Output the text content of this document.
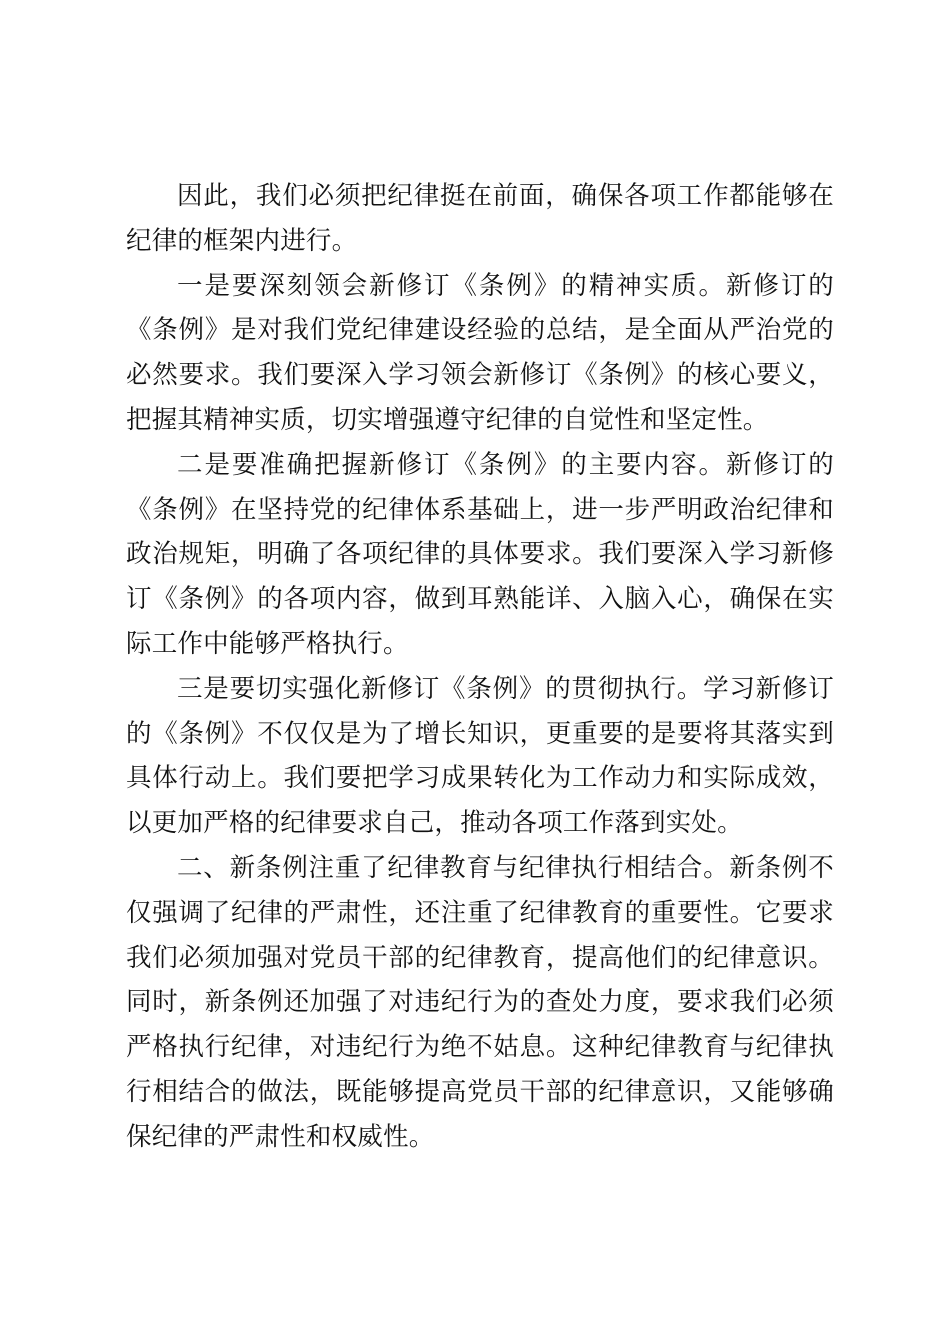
因此，我们必须把纪律挺在前面，确保各项工作都能够在纪律的框架内进行。

一是要深刻领会新修订《条例》的精神实质。新修订的《条例》是对我们党纪律建设经验的总结，是全面从严治党的必然要求。我们要深入学习领会新修订《条例》的核心要义，把握其精神实质，切实增强遵守纪律的自觉性和坚定性。

二是要准确把握新修订《条例》的主要内容。新修订的《条例》在坚持党的纪律体系基础上，进一步严明政治纪律和政治规矩，明确了各项纪律的具体要求。我们要深入学习新修订《条例》的各项内容，做到耳熟能详、入脑入心，确保在实际工作中能够严格执行。

三是要切实强化新修订《条例》的贯彻执行。学习新修订的《条例》不仅仅是为了增长知识，更重要的是要将其落实到具体行动上。我们要把学习成果转化为工作动力和实际成效，以更加严格的纪律要求自己，推动各项工作落到实处。

二、新条例注重了纪律教育与纪律执行相结合。新条例不仅强调了纪律的严肃性，还注重了纪律教育的重要性。它要求我们必须加强对党员干部的纪律教育，提高他们的纪律意识。同时，新条例还加强了对违纪行为的查处力度，要求我们必须严格执行纪律，对违纪行为绝不姑息。这种纪律教育与纪律执行相结合的做法，既能够提高党员干部的纪律意识，又能够确保纪律的严肃性和权威性。
